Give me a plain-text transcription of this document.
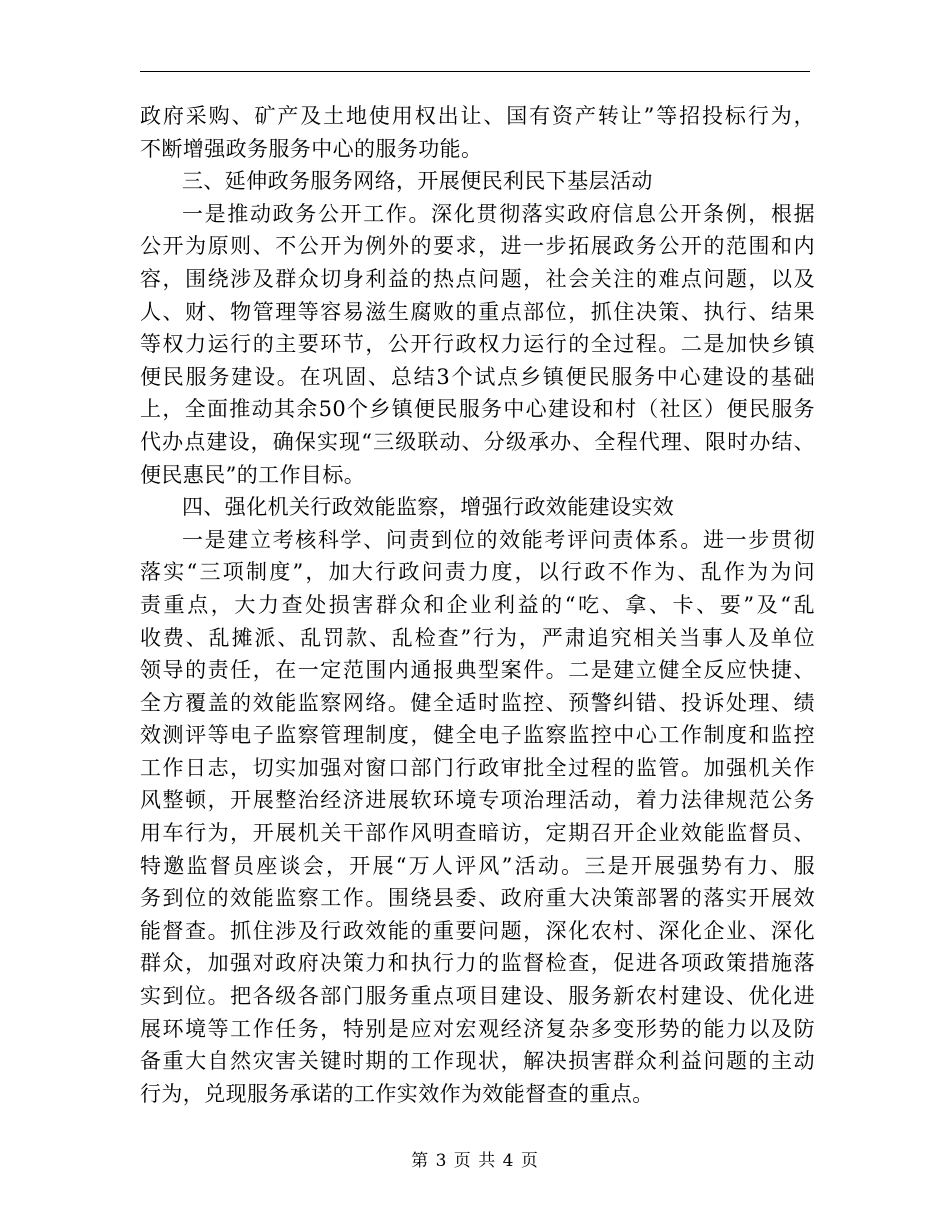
政府采购、矿产及土地使用权出让、国有资产转让”等招投标行为，
不断增强政务服务中心的服务功能。
三、延伸政务服务网络，开展便民利民下基层活动
一是推动政务公开工作。深化贯彻落实政府信息公开条例，根据
公开为原则、不公开为例外的要求，进一步拓展政务公开的范围和内
容，围绕涉及群众切身利益的热点问题，社会关注的难点问题，以及
人、财、物管理等容易滋生腐败的重点部位，抓住决策、执行、结果
等权力运行的主要环节，公开行政权力运行的全过程。二是加快乡镇
便民服务建设。在巩固、总结3个试点乡镇便民服务中心建设的基础
上，全面推动其余50个乡镇便民服务中心建设和村（社区）便民服务
代办点建设，确保实现“三级联动、分级承办、全程代理、限时办结、
便民惠民”的工作目标。
四、强化机关行政效能监察，增强行政效能建设实效
一是建立考核科学、问责到位的效能考评问责体系。进一步贯彻
落实“三项制度”，加大行政问责力度，以行政不作为、乱作为为问
责重点，大力查处损害群众和企业利益的“吃、拿、卡、要”及“乱
收费、乱摊派、乱罚款、乱检查”行为，严肃追究相关当事人及单位
领导的责任，在一定范围内通报典型案件。二是建立健全反应快捷、
全方覆盖的效能监察网络。健全适时监控、预警纠错、投诉处理、绩
效测评等电子监察管理制度，健全电子监察监控中心工作制度和监控
工作日志，切实加强对窗口部门行政审批全过程的监管。加强机关作
风整顿，开展整治经济进展软环境专项治理活动，着力法律规范公务
用车行为，开展机关干部作风明查暗访，定期召开企业效能监督员、
特邀监督员座谈会，开展“万人评风”活动。三是开展强势有力、服
务到位的效能监察工作。围绕县委、政府重大决策部署的落实开展效
能督查。抓住涉及行政效能的重要问题，深化农村、深化企业、深化
群众，加强对政府决策力和执行力的监督检查，促进各项政策措施落
实到位。把各级各部门服务重点项目建设、服务新农村建设、优化进
展环境等工作任务，特别是应对宏观经济复杂多变形势的能力以及防
备重大自然灾害关键时期的工作现状，解决损害群众利益问题的主动
行为，兑现服务承诺的工作实效作为效能督查的重点。
第 3 页 共 4 页
